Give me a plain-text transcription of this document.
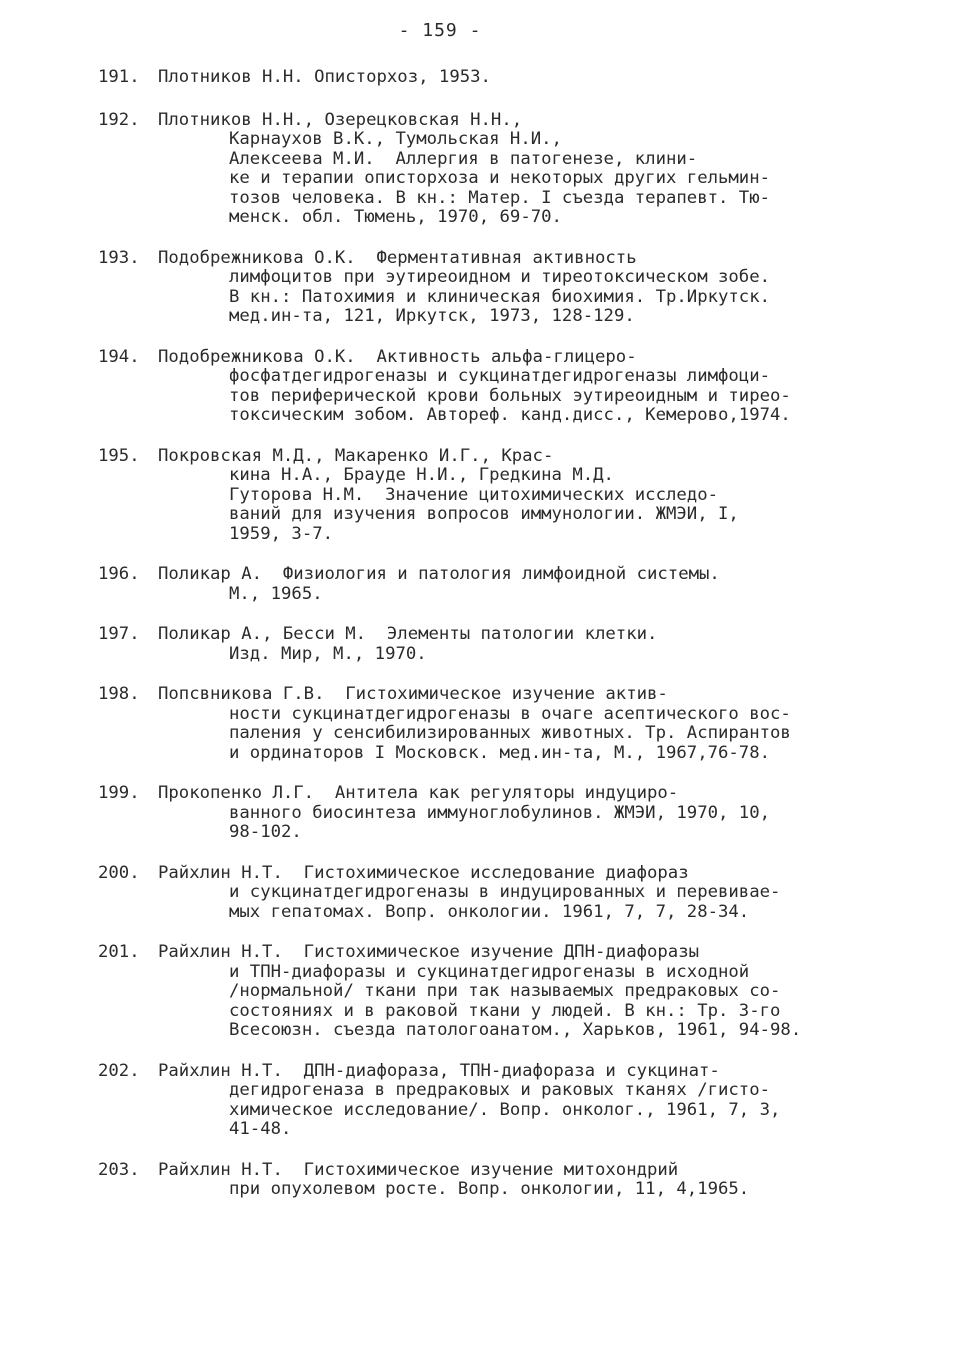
- 159 -
191.	Плотников Н.Н. Описторхоз, 1953.
192.	Плотников Н.Н., Озерецковская Н.Н.,
Карнаухов В.К., Тумольская Н.И.,
Алексеева М.И.  Аллергия в патогенезе, клини-
ке и терапии описторхоза и некоторых других гельмин-
тозов человека. В кн.: Матер. I съезда терапевт. Тю-
менск. обл. Тюмень, 1970, 69-70.
193.	Подобрежникова О.К.  Ферментативная активность
лимфоцитов при эутиреоидном и тиреотоксическом зобе.
В кн.: Патохимия и клиническая биохимия. Тр.Иркутск.
мед.ин-та, 121, Иркутск, 1973, 128-129.
194.	Подобрежникова О.К.  Активность альфа-глицеро-
фосфатдегидрогеназы и сукцинатдегидрогеназы лимфоци-
тов периферической крови больных эутиреоидным и тиреo-
токсическим зобом. Автореф. канд.дисс., Кемерово,1974.
195.	Покровская М.Д., Макаренко И.Г., Крас-
кина Н.А., Брауде Н.И., Гредкина М.Д.
Гуторова Н.М.  Значение цитохимических исследо-
ваний для изучения вопросов иммунологии. ЖМЭИ, I,
1959, 3-7.
196.	Поликар А.  Физиология и патология лимфоидной системы.
М., 1965.
197.	Поликар А., Бесси М.  Элементы патологии клетки.
Изд. Мир, М., 1970.
198.	Попсвникова Г.В.  Гистохимическое изучение актив-
ности сукцинатдегидрогеназы в очаге асептического вос-
паления у сенсибилизированных животных. Тр. Аспирантов
и ординаторов I Московск. мед.ин-та, М., 1967,76-78.
199.	Прокопенко Л.Г.  Антитела как регуляторы индуциро-
ванного биосинтеза иммуноглобулинов. ЖМЭИ, 1970, 10,
98-102.
200.	Райхлин Н.Т.  Гистохимическое исследование диафораз
и сукцинатдегидрогеназы в индуцированных и перевивае-
мых гепатомах. Вопр. онкологии. 1961, 7, 7, 28-34.
201.	Райхлин Н.Т.  Гистохимическое изучение ДПН-диафоразы
и ТПН-диафоразы и сукцинатдегидрогеназы в исходной
/нормальной/ ткани при так называемых предраковых со-
состояниях и в раковой ткани у людей. В кн.: Тр. 3-го
Всесоюзн. съезда патологоанатом., Харьков, 1961, 94-98.
202.	Райхлин Н.Т.  ДПН-диафораза, ТПН-диафораза и сукцинат-
дегидрогеназа в предраковых и раковых тканях /гисто-
химическое исследование/. Вопр. онколог., 1961, 7, 3,
41-48.
203.	Райхлин Н.Т.  Гистохимическое изучение митохондрий
при опухолевом росте. Вопр. онкологии, 11, 4,1965.
